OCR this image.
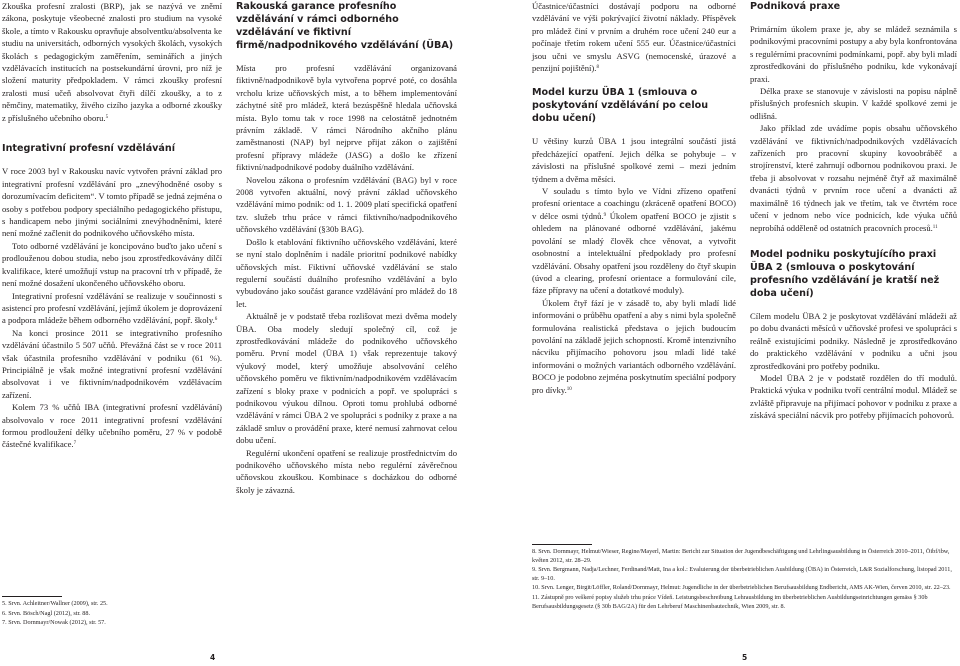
Zkouška profesní zralosti (BRP), jak se nazývá ve zněmí zákona, poskytuje všeobecné znalosti pro studium na vysoké škole, a tímto v Rakousku opravňuje absolventku/absolventa ke studiu na universitách, odborných vysokých školách, vysokých školách s pedagogickým zaměřením, seminářích a jiných vzdělávacích institucích na postsekundární úrovni, pro níž je složení maturity předpokladem. V rámci zkoušky profesní zralosti musí učeň absolvovat čtyři dílčí zkoušky, a to z němčiny, matematiky, živého cizího jazyka a odborné zkoušky z příslušného učebního oboru.$^5$

Integrativní profesní vzdělávání

V roce 2003 byl v Rakousku navíc vytvořen právní základ pro integrativní profesní vzdělávání pro „znevýhodněné osoby s dorozumívacím deficitem“. V tomto případě se jedná zejména o osoby s potřebou podpory speciálního pedagogického přístupu, s handicapem nebo jinými sociálními znevýhodněními, které není možné začlenit do podnikového učňovského místa.

Toto odborné vzdělávání je koncipováno buďto jako učení s prodlouženou dobou studia, nebo jsou zprostředkovávány dílčí kvalifikace, které umožňují vstup na pracovní trh v případě, že není možné dosažení ukončeného učňovského oboru.

Integrativní profesní vzdělávání se realizuje v součinnosti s asistencí pro profesní vzdělávání, jejímž úkolem je doprovázení a podpora mládeže během odborného vzdělávání, popř. školy.$^6$

Na konci prosince 2011 se integrativního profesního vzdělávání účastnilo 5 507 učňů. Převážná část se v roce 2011 však účastnila profesního vzdělávání v podniku (61 %). Principiálně je však možné integrativní profesní vzdělávání absolvovat i ve fiktivním/nadpodnikovém vzdělávacím zařízení.

Kolem 73 % učňů IBA (integrativní profesní vzdělávání) absolvovalo v roce 2011 integrativní profesní vzdělávání formou prodloužení délky učebního poměru, 27 % v podobě částečné kvalifikace.$^7$

5. Srvn. Achleitner/Wallner (2009), str. 25.
6. Srvn. Bösch/Nagl (2012), str. 88.
7. Srvn. Dornmayr/Nowak (2012), str. 57.
Rakouská garance profesního vzdělávání v rámci odborného vzdělávání ve fiktivní firmě/nadpodnikového vzdělávání (ÜBA)

Místa pro profesní vzdělávání organizovaná fiktivně/nadpodnikově byla vytvořena poprvé poté, co dosáhla vrcholu krize učňovských míst, a to během implementování záchytné sítě pro mládež, která bezúspěšně hledala učňovská místa. Bylo tomu tak v roce 1998 na celostátně jednotném právním základě. V rámci Národního akčního plánu zaměstnanosti (NAP) byl nejprve přijat zákon o zajištění profesní přípravy mládeže (JASG) a došlo ke zřízení fiktivní/nadpodnikové podoby duálního vzdělávání.

Novelou zákona o profesním vzdělávání (BAG) byl v roce 2008 vytvořen aktuální, nový právní základ učňovského vzdělávání mimo podnik: od 1. 1. 2009 platí specifická opatření tzv. služeb trhu práce v rámci fiktivního/nadpodnikového učňovského vzdělávání (§30b BAG).

Došlo k etablování fiktivního učňovského vzdělávání, které se nyní stalo doplněním i nadále prioritní podnikové nabídky učňovských míst. Fiktivní učňovské vzdělávání se stalo regulerní součástí duálního profesního vzdělávání a bylo vybudováno jako součást garance vzdělávání pro mládež do 18 let.

Aktuálně je v podstatě třeba rozlišovat mezi dvěma modely ÜBA. Oba modely sledují společný cíl, což je zprostředkovávání mládeže do podnikového učňovského poměru. První model (ÜBA 1) však reprezentuje takový výukový model, který umožňuje absolvování celého učňovského poměru ve fiktivním/nadpodnikovém vzdělávacím zařízení s bloky praxe v podnicích a popř. ve spolupráci s podnikovou výukou dílnou. Oproti tomu prohlubá odborné vzdělávání v rámci ÜBA 2 ve spolupráci s podniky z praxe a na základě smluv o provádění praxe, které nemusí zahrnovat celou dobu učení.

Regulérní ukončení opatření se realizuje prostřednictvím do podnikového učňovského místa nebo regulérní závěrečnou učňovskou zkouškou. Kombinace s docházkou do odborné školy je závazná.

4

Účastnice/účastníci dostávají podporu na odborné vzdělávání ve výši pokrývající životní náklady. Příspěvek pro mládež činí v prvním a druhém roce učení 240 eur a počínaje třetím rokem učení 555 eur. Účastnice/účastníci jsou učni ve smyslu ASVG (nemocenské, úrazové a penzijní pojištění).$^8$

Model kurzu ÜBA 1 (smlouva o poskytování vzdělávání po celou dobu učení)

U většiny kurzů ÜBA 1 jsou integrální součástí jistá předcházející opatření. Jejich délka se pohybuje – v závislosti na příslušné spolkové zemi – mezi jedním týdnem a dvěma měsíci.

V souladu s tímto bylo ve Vídni zřízeno opatření profesní orientace a coachingu (zkráceně opatření BOCO) v délce osmi týdnů.$^9$ Úkolem opatření BOCO je zjistit s ohledem na plánované odborné vzdělávání, jakému povolání se mladý člověk chce věnovat, a vytvořit osobnostní a intelektuální předpoklady pro profesní vzdělávání. Obsahy opatření jsou rozděleny do čtyř skupin (úvod a clearing, profesní orientace a formulování cíle, fáze přípravy na učení a dotatkové moduly).

Úkolem čtyř fází je v zásadě to, aby byli mladí lidé informováni o průběhu opatření a aby s nimi byla společně formulována realistická představa o jejich budoucím povolání na základě jejich schopností. Kromě intenzivního nácviku přijímacího pohovoru jsou mladí lidé také informováni o možných variantách odborného vzdělávání. BOCO je podobno zejména poskytnutím speciální podpory pro dívky.$^{10}$

Podniková praxe

Primárním úkolem praxe je, aby se mládež seznámila s podnikovými pracovními postupy a aby byla konfrontována s regulérními pracovními podmínkami, popř. aby byli mladí zprostředkováni do příslušného podniku, kde vykonávají praxi.

Délka praxe se stanovuje v závislosti na popisu náplně příslušných profesních skupin. V každé spolkové zemi je odlišná.

Jako příklad zde uvádíme popis obsahu učňovského vzdělávání ve fiktivních/nadpodnikových vzdělávacích zařízeních pro pracovní skupiny kovoobráběč a strojírenství, které zahrnují odbornou podnikovou praxi. Je třeba ji absolvovat v rozsahu nejméně čtyř až maximálně dvanácti týdnů v prvním roce učení a dvanácti až maximálně 16 týdnech jak ve třetím, tak ve čtvrtém roce učení v jednom nebo více podnicích, kde výuka učňů neprobíhá odděleně od ostatních pracovních procesů.$^{11}$

Model podniku poskytujícího praxi ÜBA 2 (smlouva o poskytování profesního vzdělávání je kratší než doba učení)

Cílem modelu ÜBA 2 je poskytovat vzdělávání mládeži až po dobu dvanácti měsíců v učňovské profesi ve spolupráci s reálně existujícími podniky. Následně je zprostředkováno do praktického vzdělávání v podniku a učni jsou zprostředkováni pro potřeby podniku.

Model ÜBA 2 je v podstatě rozdělen do tří modulů. Praktická výuka v podniku tvoří centrální modul. Mládež se zvláště připravuje na přijímací pohovor v podniku z praxe a získává speciální nácvik pro potřeby přijímacích pohovorů.

8. Srvn. Dornmayr, Helmut/Wieser, Regine/Mayerl, Martin: Bericht zur Situation der Jugendbeschäftigung und Lehrlingsausbildung in Österreich 2010–2011, Öibf/ibw, květen 2012, str. 28–29.
9. Srvn. Bergmann, Nadja/Lechner, Ferdinand/Matt, Ina a kol.: Evaluierung der überbetrieblichen Ausbildung (ÜBA) in Österreich, L&R Sozialforschung, listopad 2011, str. 9–10.
10. Srvn. Lenger, Birgit/Löffler, Roland/Dornmayr, Helmut: Jugendliche in der überbetrieblichen Berufsausbildung Endbericht, AMS AK-Wien, červen 2010, str. 22–23.
11. Zástupně pro veškeré popisy služeb trhu práce Vídeň. Leistungsbeschreibung Lehrausbildung im überbetrieblichen Ausbildungseinrichtungen gemäss § 30b Berufsausbildungsgesetz (§ 30b BAG/2A) für den Lehrberuf Maschinenbautechnik, Wien 2009, str. 8.
5
